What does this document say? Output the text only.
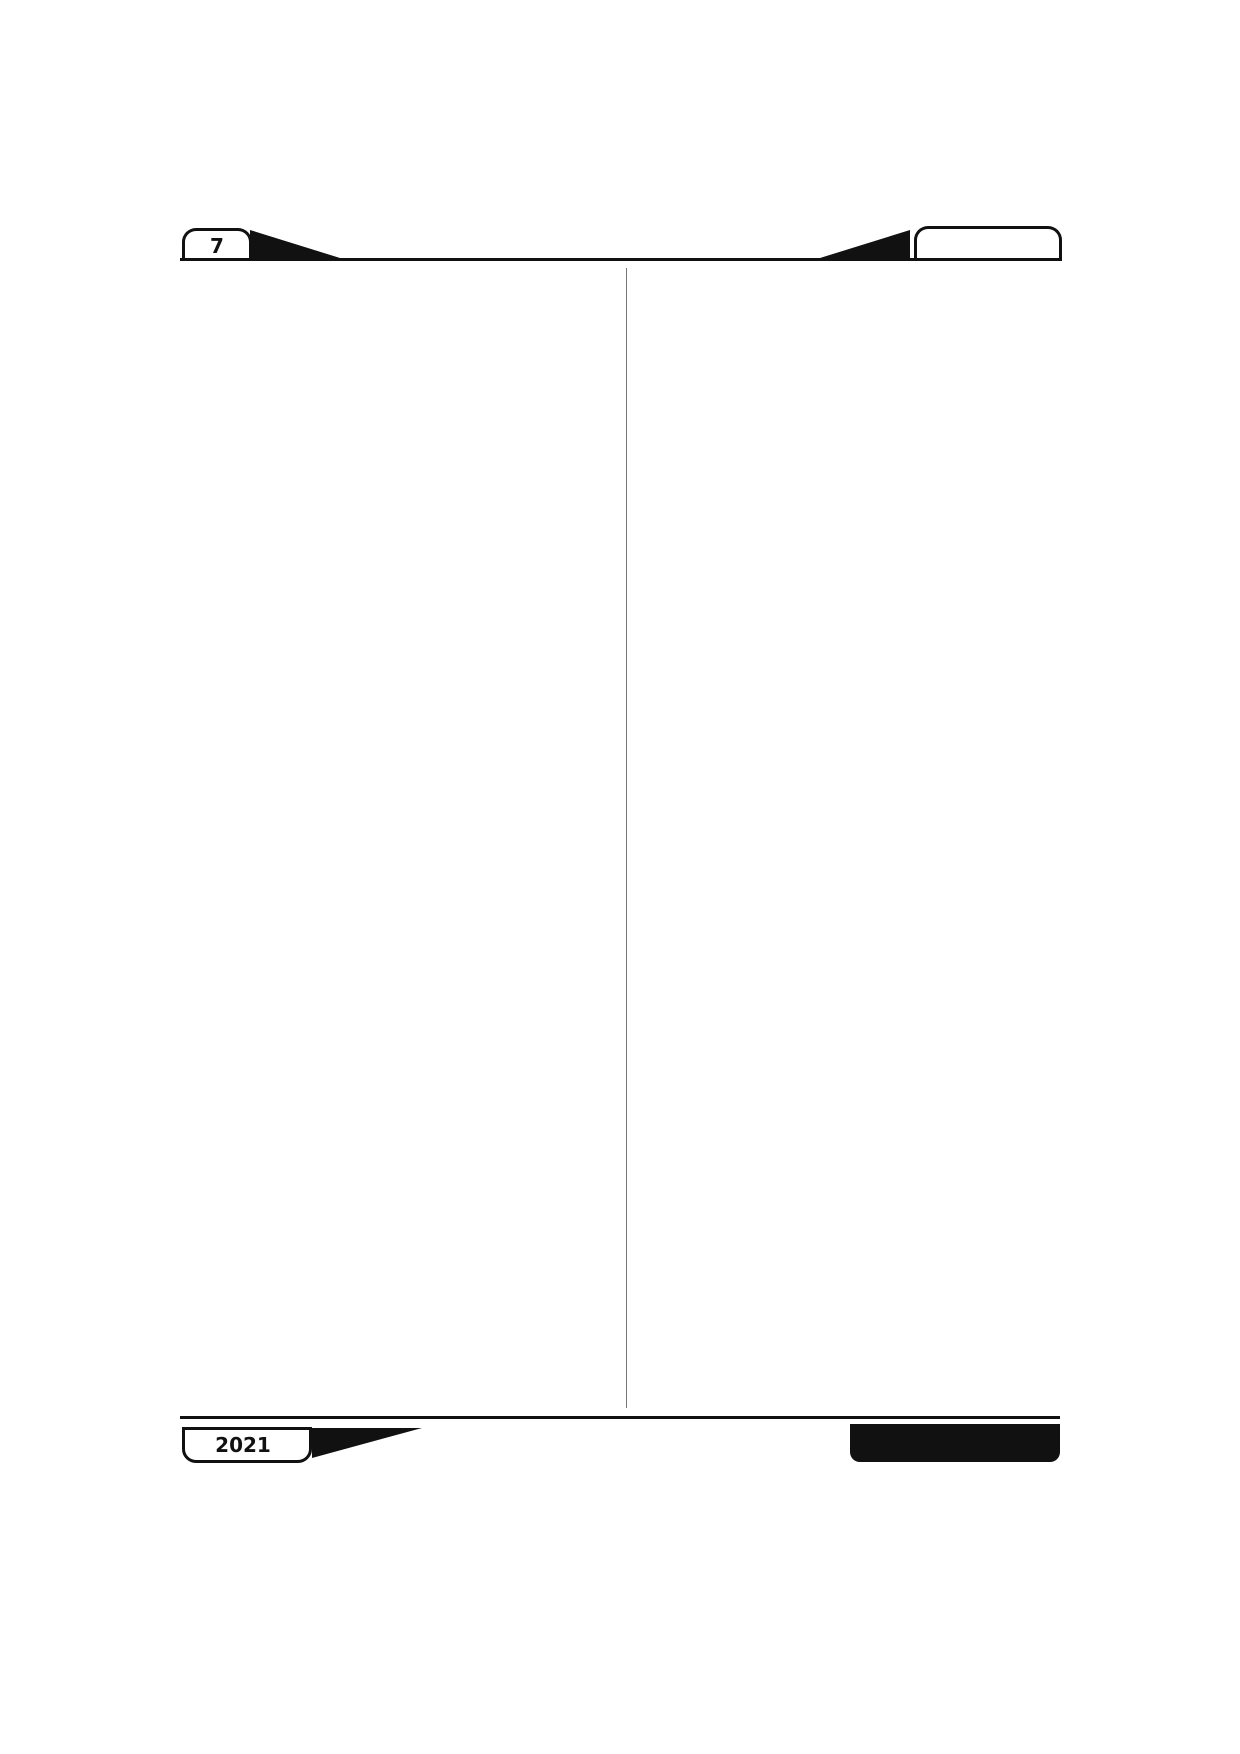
7
2021
